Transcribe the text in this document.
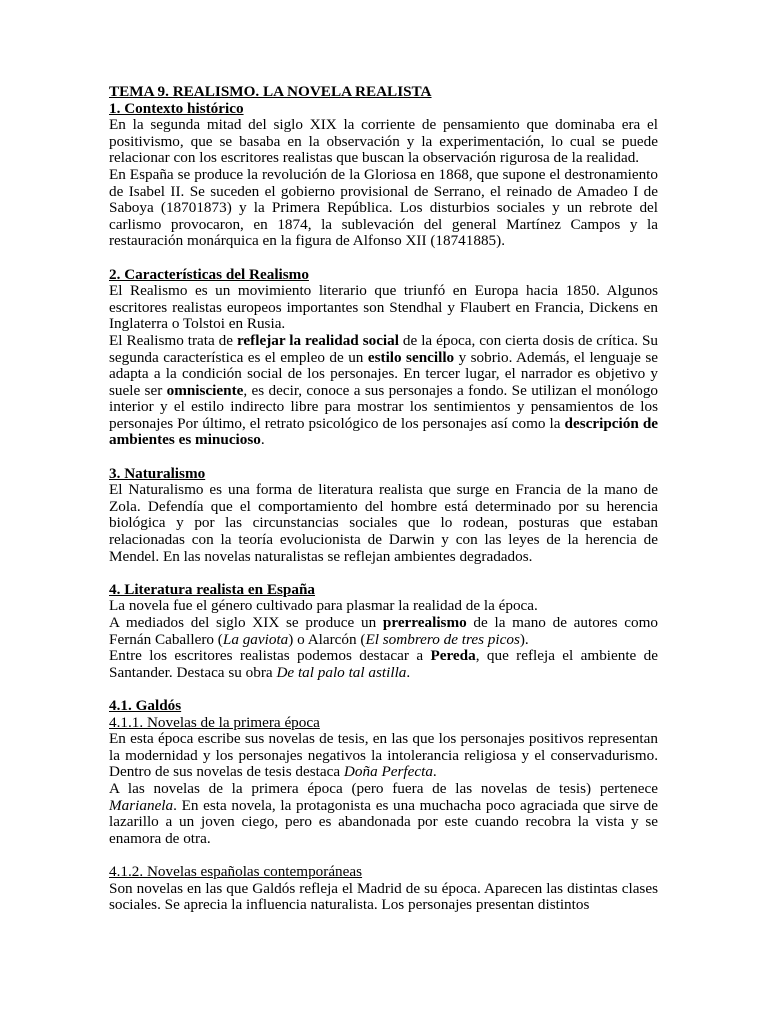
TEMA 9. REALISMO. LA NOVELA REALISTA

1. Contexto histórico

En la segunda mitad del siglo XIX la corriente de pensamiento que dominaba era el positivismo, que se basaba en la observación y la experimentación, lo cual se puede relacionar con los escritores realistas que buscan la observación rigurosa de la realidad.

En España se produce la revolución de la Gloriosa en 1868, que supone el destronamiento de Isabel II. Se suceden el gobierno provisional de Serrano, el reinado de Amadeo I de Saboya (18701873) y la Primera República. Los disturbios sociales y un rebrote del carlismo provocaron, en 1874, la sublevación del general Martínez Campos y la restauración monárquica en la figura de Alfonso XII (18741885).

2. Características del Realismo

El Realismo es un movimiento literario que triunfó en Europa hacia 1850. Algunos escritores realistas europeos importantes son Stendhal y Flaubert en Francia, Dickens en Inglaterra o Tolstoi en Rusia.

El Realismo trata de reflejar la realidad social de la época, con cierta dosis de crítica. Su segunda característica es el empleo de un estilo sencillo y sobrio. Además, el lenguaje se adapta a la condición social de los personajes. En tercer lugar, el narrador es objetivo y suele ser omnisciente, es decir, conoce a sus personajes a fondo. Se utilizan el monólogo interior y el estilo indirecto libre para mostrar los sentimientos y pensamientos de los personajes Por último, el retrato psicológico de los personajes así como la descripción de ambientes es minucioso.

3. Naturalismo

El Naturalismo es una forma de literatura realista que surge en Francia de la mano de Zola. Defendía que el comportamiento del hombre está determinado por su herencia biológica y por las circunstancias sociales que lo rodean, posturas que estaban relacionadas con la teoría evolucionista de Darwin y con las leyes de la herencia de Mendel. En las novelas naturalistas se reflejan ambientes degradados.

4. Literatura realista en España

La novela fue el género cultivado para plasmar la realidad de la época.

A mediados del siglo XIX se produce un prerrealismo de la mano de autores como Fernán Caballero (La gaviota) o Alarcón (El sombrero de tres picos).

Entre los escritores realistas podemos destacar a Pereda, que refleja el ambiente de Santander. Destaca su obra De tal palo tal astilla.

4.1. Galdós
4.1.1. Novelas de la primera época

En esta época escribe sus novelas de tesis, en las que los personajes positivos representan la modernidad y los personajes negativos la intolerancia religiosa y el conservadurismo. Dentro de sus novelas de tesis destaca Doña Perfecta.

A las novelas de la primera época (pero fuera de las novelas de tesis) pertenece Marianela. En esta novela, la protagonista es una muchacha poco agraciada que sirve de lazarillo a un joven ciego, pero es abandonada por este cuando recobra la vista y se enamora de otra.

4.1.2. Novelas españolas contemporáneas

Son novelas en las que Galdós refleja el Madrid de su época. Aparecen las distintas clases sociales. Se aprecia la influencia naturalista. Los personajes presentan distintos
